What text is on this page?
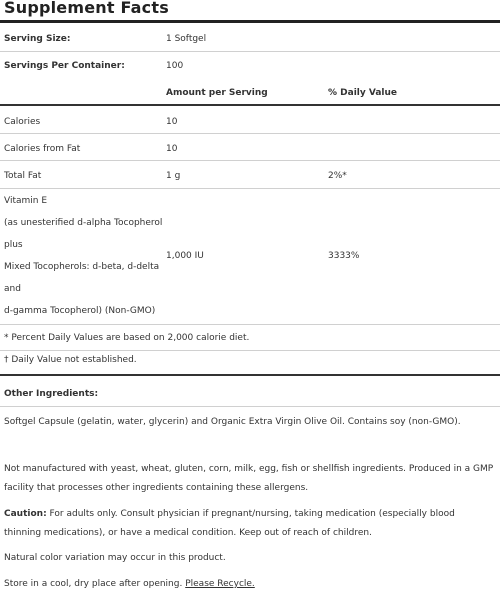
Supplement Facts
Serving Size:	1 Softgel
Servings Per Container:	100
Amount per Serving	% Daily Value
Calories	10
Calories from Fat	10
Total Fat	1 g	2%*
Vitamin E
(as unesterified d-alpha Tocopherol
plus
Mixed Tocopherols: d-beta, d-delta
and
d-gamma Tocopherol) (Non-GMO)
1,000 IU	3333%
* Percent Daily Values are based on 2,000 calorie diet.
† Daily Value not established.
Other Ingredients:
Softgel Capsule (gelatin, water, glycerin) and Organic Extra Virgin Olive Oil. Contains soy (non-GMO).
Not manufactured with yeast, wheat, gluten, corn, milk, egg, fish or shellfish ingredients. Produced in a GMP facility that processes other ingredients containing these allergens.
Caution: For adults only. Consult physician if pregnant/nursing, taking medication (especially blood thinning medications), or have a medical condition. Keep out of reach of children.
Natural color variation may occur in this product.
Store in a cool, dry place after opening. Please Recycle.
